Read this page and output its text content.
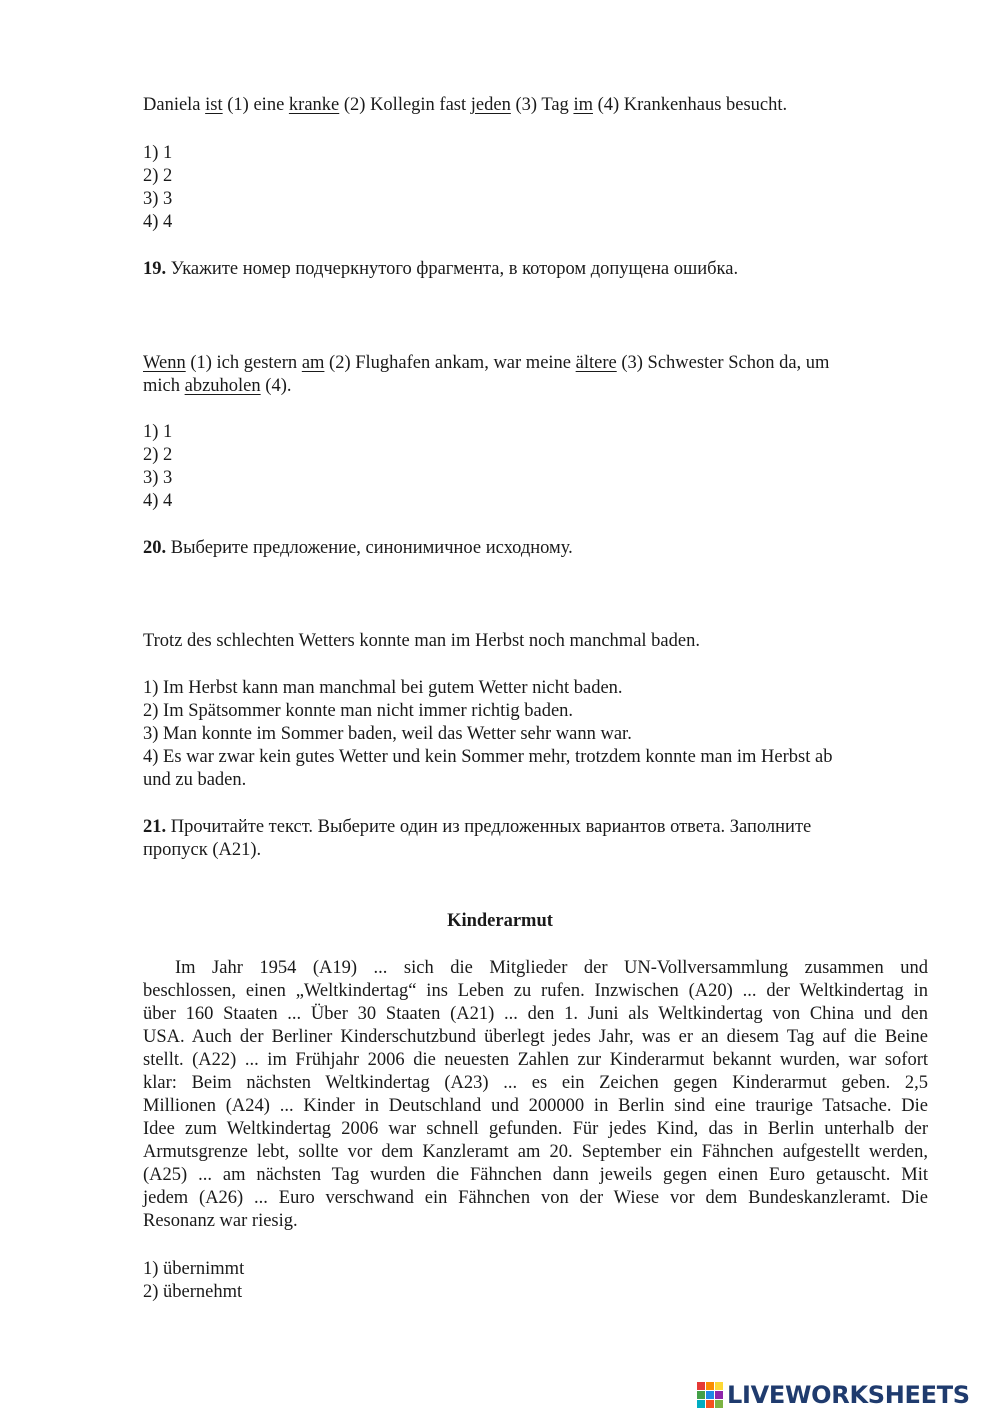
Daniela ist (1) eine kranke (2) Kollegin fast jeden (3) Tag im (4) Krankenhaus besucht.
1) 1
2) 2
3) 3
4) 4
19. Укажите номер подчеркнутого фрагмента, в котором допущена ошибка.
Wenn (1) ich gestern am (2) Flughafen ankam, war meine ältere (3) Schwester Schon da, um
mich abzuholen (4).
1) 1
2) 2
3) 3
4) 4
20. Выберите предложение, синонимичное исходному.
Trotz des schlechten Wetters konnte man im Herbst noch manchmal baden.
1) Im Herbst kann man manchmal bei gutem Wetter nicht baden.
2) Im Spätsommer konnte man nicht immer richtig baden.
3) Man konnte im Sommer baden, weil das Wetter sehr wann war.
4) Es war zwar kein gutes Wetter und kein Sommer mehr, trotzdem konnte man im Herbst ab
und zu baden.
21. Прочитайте текст. Выберите один из предложенных вариантов ответа. Заполните
пропуск (A21).
Kinderarmut
Im Jahr 1954 (A19) ... sich die Mitglieder der UN-Vollversammlung zusammen und
beschlossen, einen „Weltkindertag“ ins Leben zu rufen. Inzwischen (A20) ... der Weltkindertag in
über 160 Staaten ... Über 30 Staaten (A21) ... den 1. Juni als Weltkindertag von China und den
USA. Auch der Berliner Kinderschutzbund überlegt jedes Jahr, was er an diesem Tag auf die Beine
stellt. (A22) ... im Frühjahr 2006 die neuesten Zahlen zur Kinderarmut bekannt wurden, war sofort
klar: Beim nächsten Weltkindertag (A23) ... es ein Zeichen gegen Kinderarmut geben. 2,5
Millionen (A24) ... Kinder in Deutschland und 200000 in Berlin sind eine traurige Tatsache. Die
Idee zum Weltkindertag 2006 war schnell gefunden. Für jedes Kind, das in Berlin unterhalb der
Armutsgrenze lebt, sollte vor dem Kanzleramt am 20. September ein Fähnchen aufgestellt werden,
(A25) ... am nächsten Tag wurden die Fähnchen dann jeweils gegen einen Euro getauscht. Mit
jedem (A26) ... Euro verschwand ein Fähnchen von der Wiese vor dem Bundeskanzleramt. Die
Resonanz war riesig.
1) übernimmt
2) übernehmt
LIVEWORKSHEETS
